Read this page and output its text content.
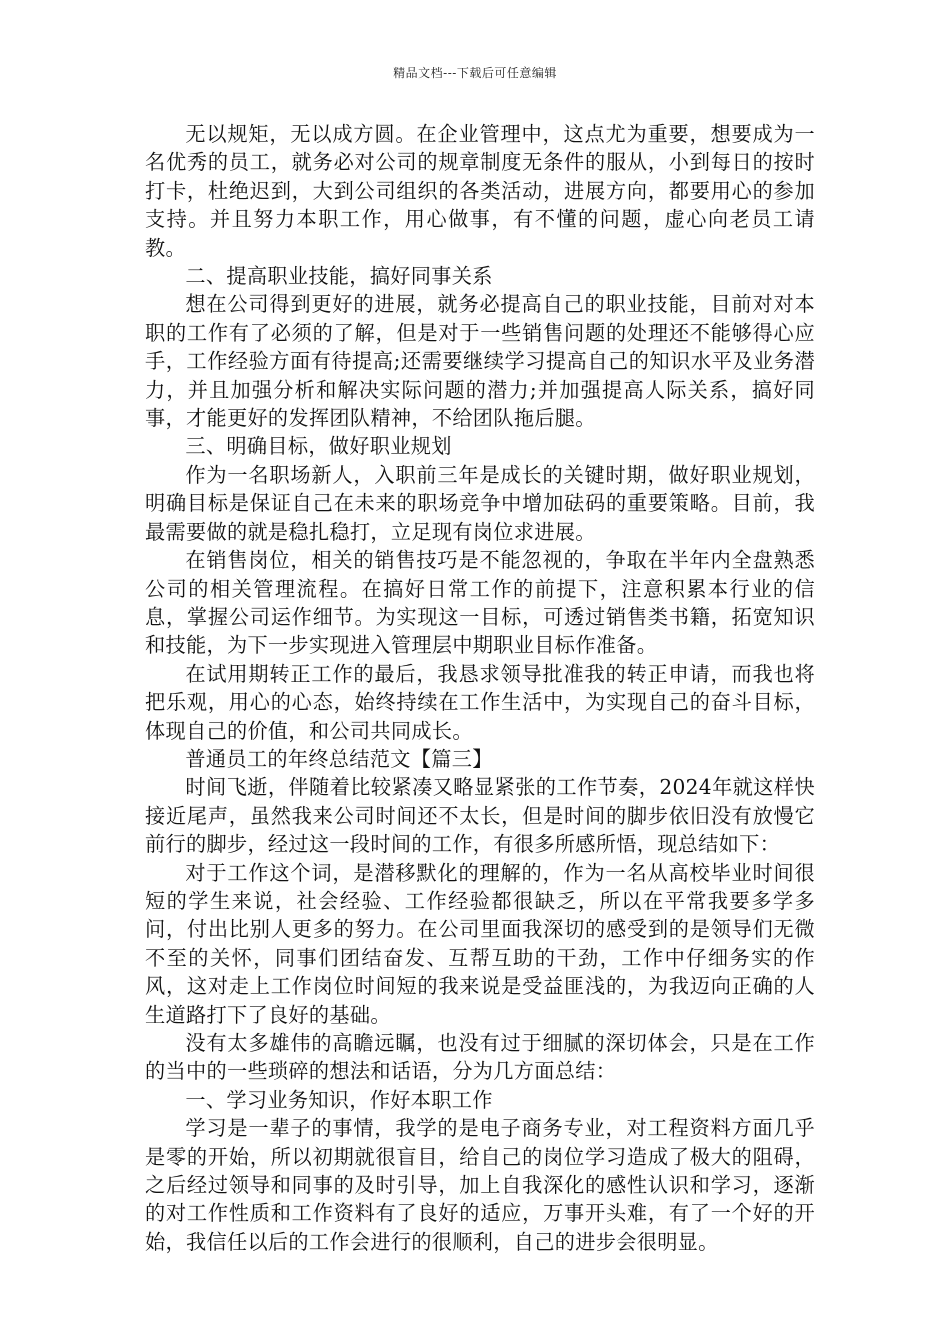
精品文档---下载后可任意编辑

无以规矩，无以成方圆。在企业管理中，这点尤为重要，想要成为一名优秀的员工，就务必对公司的规章制度无条件的服从，小到每日的按时打卡，杜绝迟到，大到公司组织的各类活动，进展方向，都要用心的参加支持。并且努力本职工作，用心做事，有不懂的问题，虚心向老员工请教。

二、提高职业技能，搞好同事关系

想在公司得到更好的进展，就务必提高自己的职业技能，目前对对本职的工作有了必须的了解，但是对于一些销售问题的处理还不能够得心应手，工作经验方面有待提高;还需要继续学习提高自己的知识水平及业务潜力，并且加强分析和解决实际问题的潜力;并加强提高人际关系，搞好同事，才能更好的发挥团队精神，不给团队拖后腿。

三、明确目标，做好职业规划

作为一名职场新人，入职前三年是成长的关键时期，做好职业规划，明确目标是保证自己在未来的职场竞争中增加砝码的重要策略。目前，我最需要做的就是稳扎稳打，立足现有岗位求进展。

在销售岗位，相关的销售技巧是不能忽视的，争取在半年内全盘熟悉公司的相关管理流程。在搞好日常工作的前提下，注意积累本行业的信息，掌握公司运作细节。为实现这一目标，可透过销售类书籍，拓宽知识和技能，为下一步实现进入管理层中期职业目标作准备。

在试用期转正工作的最后，我恳求领导批准我的转正申请，而我也将把乐观，用心的心态，始终持续在工作生活中，为实现自己的奋斗目标，体现自己的价值，和公司共同成长。

普通员工的年终总结范文【篇三】

时间飞逝，伴随着比较紧凑又略显紧张的工作节奏，2024年就这样快接近尾声，虽然我来公司时间还不太长，但是时间的脚步依旧没有放慢它前行的脚步，经过这一段时间的工作，有很多所感所悟，现总结如下：

对于工作这个词，是潜移默化的理解的，作为一名从高校毕业时间很短的学生来说，社会经验、工作经验都很缺乏，所以在平常我要多学多问，付出比别人更多的努力。在公司里面我深切的感受到的是领导们无微不至的关怀，同事们团结奋发、互帮互助的干劲，工作中仔细务实的作风，这对走上工作岗位时间短的我来说是受益匪浅的，为我迈向正确的人生道路打下了良好的基础。

没有太多雄伟的高瞻远瞩，也没有过于细腻的深切体会，只是在工作的当中的一些琐碎的想法和话语，分为几方面总结：

一、学习业务知识，作好本职工作

学习是一辈子的事情，我学的是电子商务专业，对工程资料方面几乎是零的开始，所以初期就很盲目，给自己的岗位学习造成了极大的阻碍，之后经过领导和同事的及时引导，加上自我深化的感性认识和学习，逐渐的对工作性质和工作资料有了良好的适应，万事开头难，有了一个好的开始，我信任以后的工作会进行的很顺利，自己的进步会很明显。
